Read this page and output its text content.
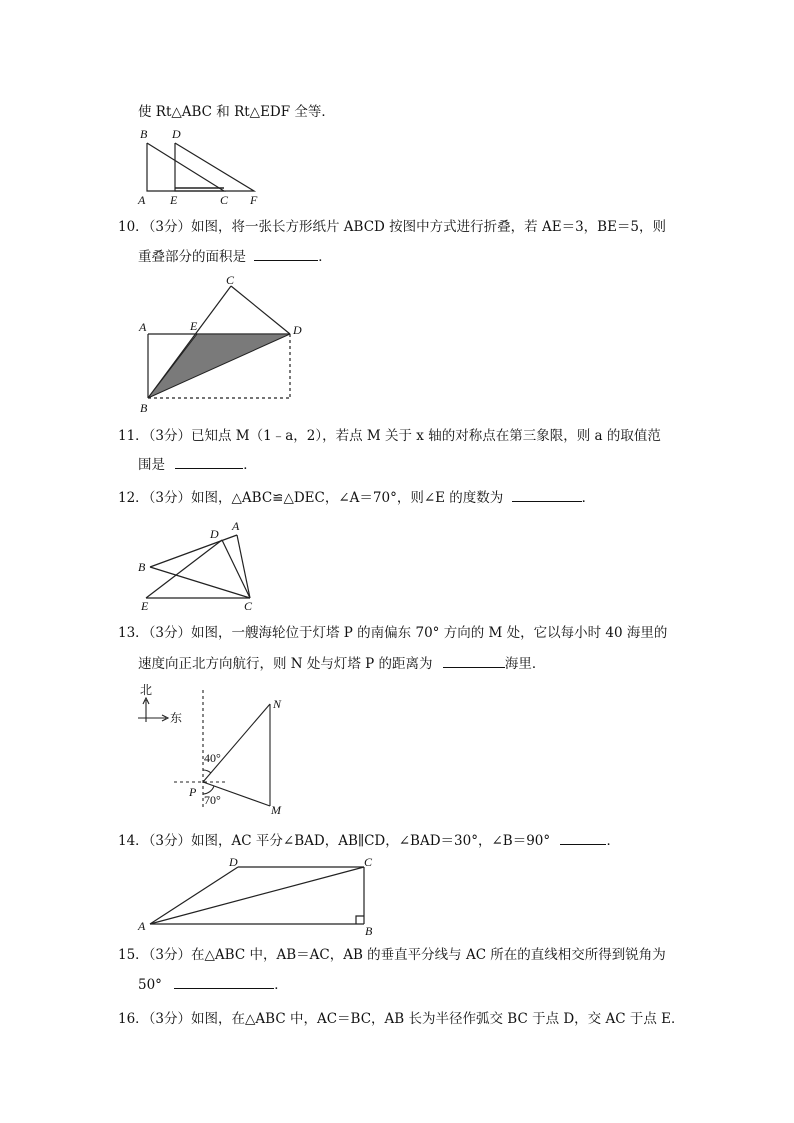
使 Rt△ABC 和 Rt△EDF 全等．
B D
A E	C F
10．（3分）如图，将一张长方形纸片 ABCD 按图中方式进行折叠，若 AE＝3，BE＝5，则
重叠部分的面积是	．
A	E
C
D
B
11．（3分）已知点 M（1﹣a，2），若点 M 关于 x 轴的对称点在第三象限，则 a 的取值范
围是	．
12．（3分）如图，△ABC≌△DEC，∠A＝70°，则∠E 的度数为	．
D
A
B
E	C
13．（3分）如图，一艘海轮位于灯塔 P 的南偏东 70° 方向的 M 处，它以每小时 40 海里的
速度向正北方向航行，则 N 处与灯塔 P 的距离为	海里．
北
东
40°
70°
N
P
M
14．（3分）如图，AC 平分∠BAD，AB∥CD，∠BAD＝30°，∠B＝90°	．
D	C
A	B
15．（3分）在△ABC 中，AB＝AC，AB 的垂直平分线与 AC 所在的直线相交所得到锐角为
50°	．
16．（3分）如图，在△ABC 中，AC＝BC，AB 长为半径作弧交 BC 于点 D，交 AC 于点 E．
